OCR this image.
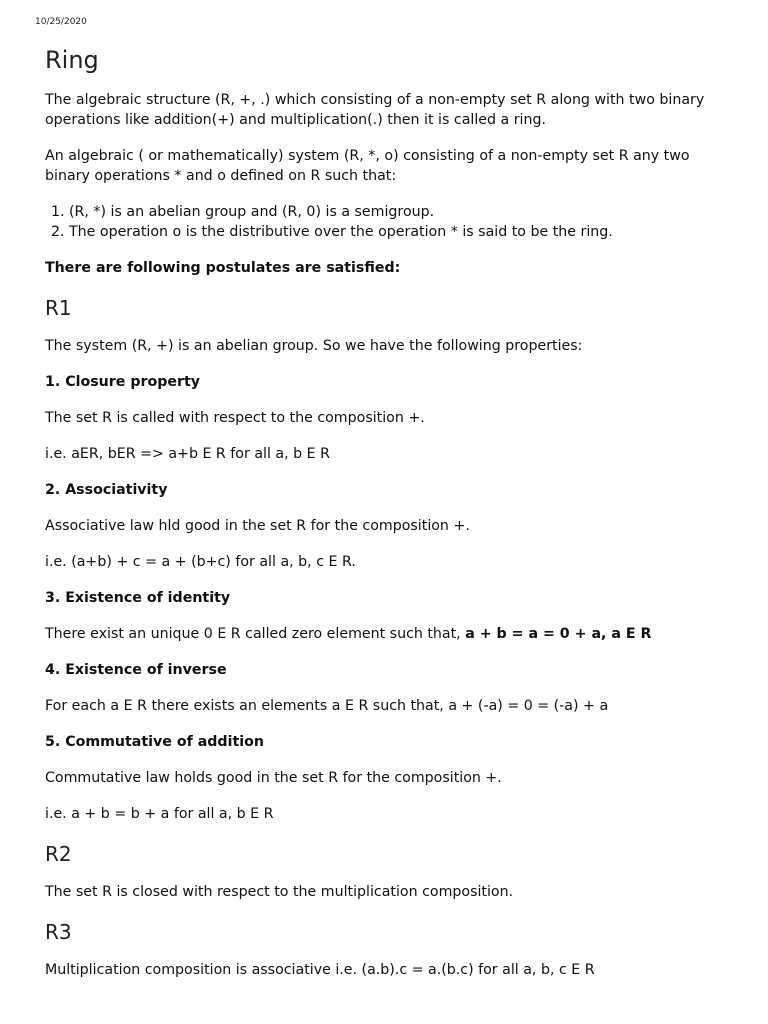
10/25/2020
Ring

The algebraic structure (R, +, .) which consisting of a non-empty set R along with two binary operations like addition(+) and multiplication(.) then it is called a ring.

An algebraic ( or mathematically) system (R, *, o) consisting of a non-empty set R any two binary operations * and o defined on R such that:

1. (R, *) is an abelian group and (R, 0) is a semigroup.
2. The operation o is the distributive over the operation * is said to be the ring.

There are following postulates are satisfied:

R1

The system (R, +) is an abelian group. So we have the following properties:

1. Closure property

The set R is called with respect to the composition +.

i.e. aER, bER => a+b E R for all a, b E R

2. Associativity

Associative law hld good in the set R for the composition +.

i.e. (a+b) + c = a + (b+c) for all a, b, c E R.

3. Existence of identity

There exist an unique 0 E R called zero element such that, a + b = a = 0 + a, a E R

4. Existence of inverse

For each a E R there exists an elements a E R such that, a + (-a) = 0 = (-a) + a

5. Commutative of addition

Commutative law holds good in the set R for the composition +.

i.e. a + b = b + a for all a, b E R

R2

The set R is closed with respect to the multiplication composition.

R3

Multiplication composition is associative i.e. (a.b).c = a.(b.c) for all a, b, c E R
